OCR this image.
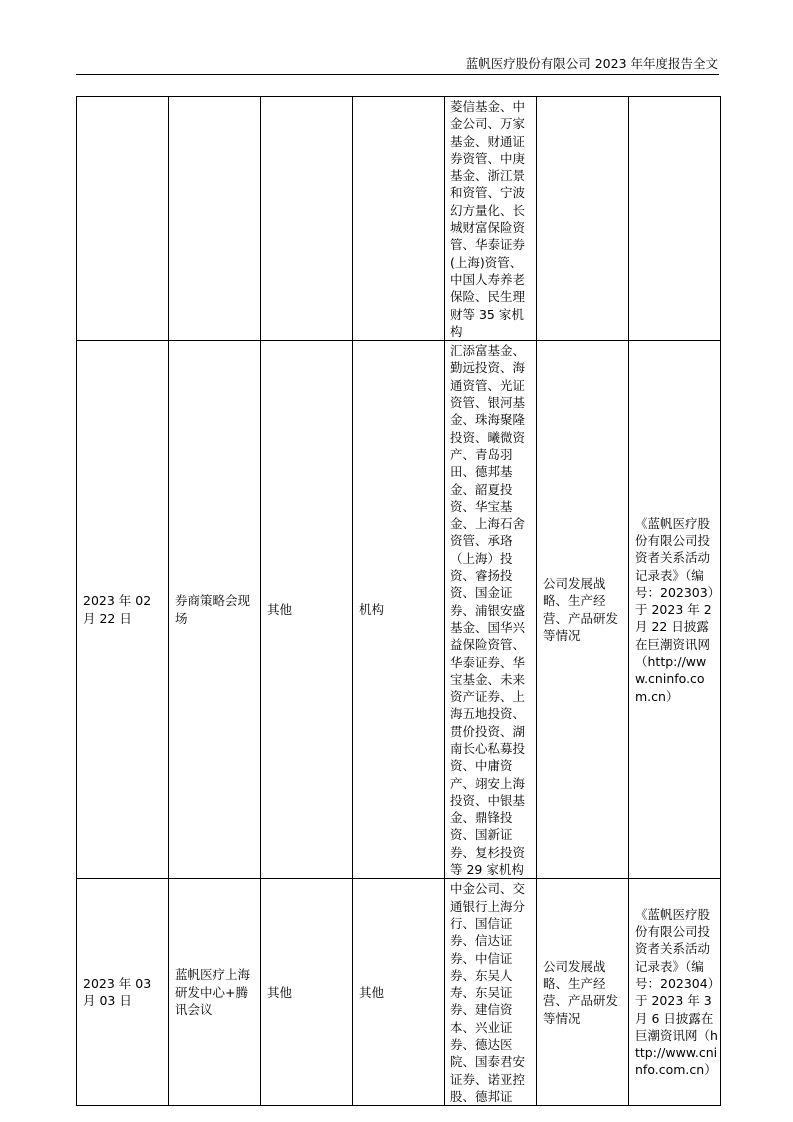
蓝帆医疗股份有限公司 2023 年年度报告全文

				菱信基金、中金公司、万家基金、财通证券资管、中庚基金、浙江景和资管、宁波幻方量化、长城财富保险资管、华泰证券(上海)资管、中国人寿养老保险、民生理财等 35 家机构		

2023 年 02 月 22 日	券商策略会现场	其他	机构	汇添富基金、勤远投资、海通资管、光证资管、银河基金、珠海聚隆投资、曦微资产、青岛羽田、德邦基金、韶夏投资、华宝基金、上海石舍资管、承珞（上海）投资、睿扬投资、国金证券、浦银安盛基金、国华兴益保险资管、华泰证券、华宝基金、未来资产证券、上海五地投资、贯价投资、湖南长心私募投资、中庸资产、翊安上海投资、中银基金、鼎锋投资、国新证券、复杉投资等 29 家机构	公司发展战略、生产经营、产品研发等情况	《蓝帆医疗股份有限公司投资者关系活动记录表》（编号：202303）于 2023 年 2 月 22 日披露在巨潮资讯网（http://www.cninfo.com.cn）

2023 年 03 月 03 日	蓝帆医疗上海研发中心+腾讯会议	其他	其他	中金公司、交通银行上海分行、国信证券、信达证券、中信证券、东吴人寿、东吴证券、建信资本、兴业证券、德达医院、国泰君安证券、诺亚控股、德邦证	公司发展战略、生产经营、产品研发等情况	《蓝帆医疗股份有限公司投资者关系活动记录表》（编号：202304）于 2023 年 3 月 6 日披露在巨潮资讯网（http://www.cninfo.com.cn）
